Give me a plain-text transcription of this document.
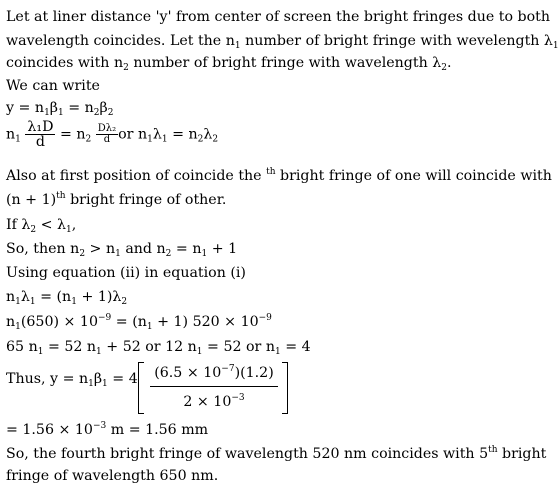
Let at liner distance 'y' from center of screen the bright fringes due to both
wavelength coincides. Let the $n_1$ number of bright fringe with wevelength $\lambda_1$
coincides with $n_2$ number of bright fringe with wavelength $\lambda_2$.
We can write
$y = n_1\beta_1 = n_2\beta_2$
$n_1 \frac{\text{λ₁D}}{d} = n_2 \frac{\text{Dλ₂}}{d}$ or $n_1\lambda_1 = n_2\lambda_2$
Also at first position of coincide the $^{th}$ bright fringe of one will coincide with
$(n + 1)^{th}$ bright fringe of other.
If $\lambda_2 < \lambda_1$,
So, then $n_2 > n_1$ and $n_2 = n_1 + 1$
Using equation (ii) in equation (i)
$n_1\lambda_1 = (n_1 + 1)\lambda_2$
$n_1(650) \times 10^{-9} = (n_1 + 1) 520 \times 10^{-9}$
65 $n_1 = 52$ $n_1 + 52$ or 12 $n_1 = 52$ or $n_1 = 4$
Thus, $y = n_1\beta_1 = 4$ $(6.5 \times 10^{-7})(1.2)$
$2 \times 10^{-3}$
= $1.56 \times 10^{-3}$ m = 1.56 mm
So, the fourth bright fringe of wavelength 520 nm coincides with 5th bright
fringe of wavelength 650 nm.
